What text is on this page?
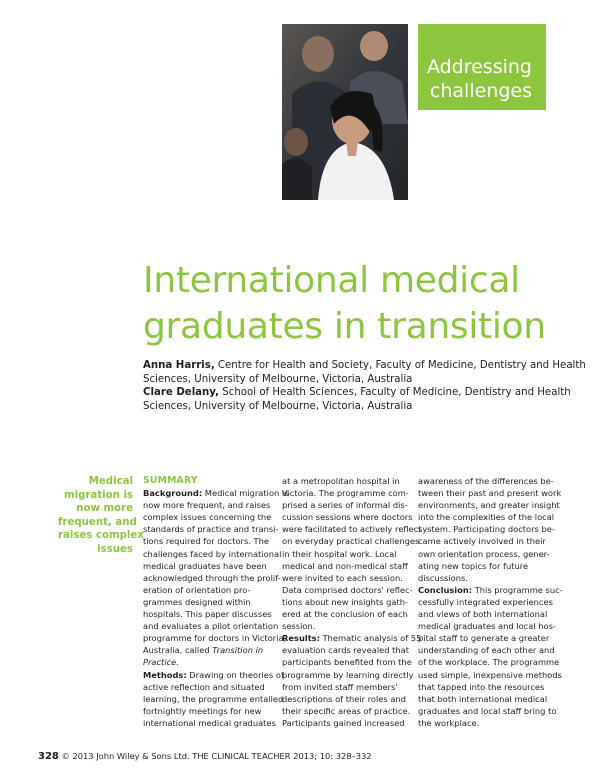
Addressing
challenges
International medical
graduates in transition

Anna Harris, Centre for Health and Society, Faculty of Medicine, Dentistry and Health

Sciences, University of Melbourne, Victoria, Australia

Clare Delany, School of Health Sciences, Faculty of Medicine, Dentistry and Health

Sciences, University of Melbourne, Victoria, Australia

Medical
migration is
now more
frequent, and
raises complex
issues

SUMMARY

Background: Medical migration is

now more frequent, and raises

complex issues concerning the

standards of practice and transi-

tions required for doctors. The

challenges faced by international

medical graduates have been

acknowledged through the prolif-

eration of orientation pro-

grammes designed within

hospitals. This paper discusses

and evaluates a pilot orientation

programme for doctors in Victoria,

Australia, called Transition in

Practice.

Methods: Drawing on theories of

active reflection and situated

learning, the programme entailed

fortnightly meetings for new

international medical graduates

at a metropolitan hospital in

Victoria. The programme com-

prised a series of informal dis-

cussion sessions where doctors

were facilitated to actively reflect

on everyday practical challenges

in their hospital work. Local

medical and non-medical staff

were invited to each session.

Data comprised doctors' reflec-

tions about new insights gath-

ered at the conclusion of each

session.

Results: Thematic analysis of 55

evaluation cards revealed that

participants benefited from the

programme by learning directly

from invited staff members'

descriptions of their roles and

their specific areas of practice.

Participants gained increased

awareness of the differences be-

tween their past and present work

environments, and greater insight

into the complexities of the local

system. Participating doctors be-

came actively involved in their

own orientation process, gener-

ating new topics for future

discussions.

Conclusion: This programme suc-

cessfully integrated experiences

and views of both international

medical graduates and local hos-

pital staff to generate a greater

understanding of each other and

of the workplace. The programme

used simple, inexpensive methods

that tapped into the resources

that both international medical

graduates and local staff bring to

the workplace.

328 © 2013 John Wiley & Sons Ltd. THE CLINICAL TEACHER 2013; 10: 328–332
